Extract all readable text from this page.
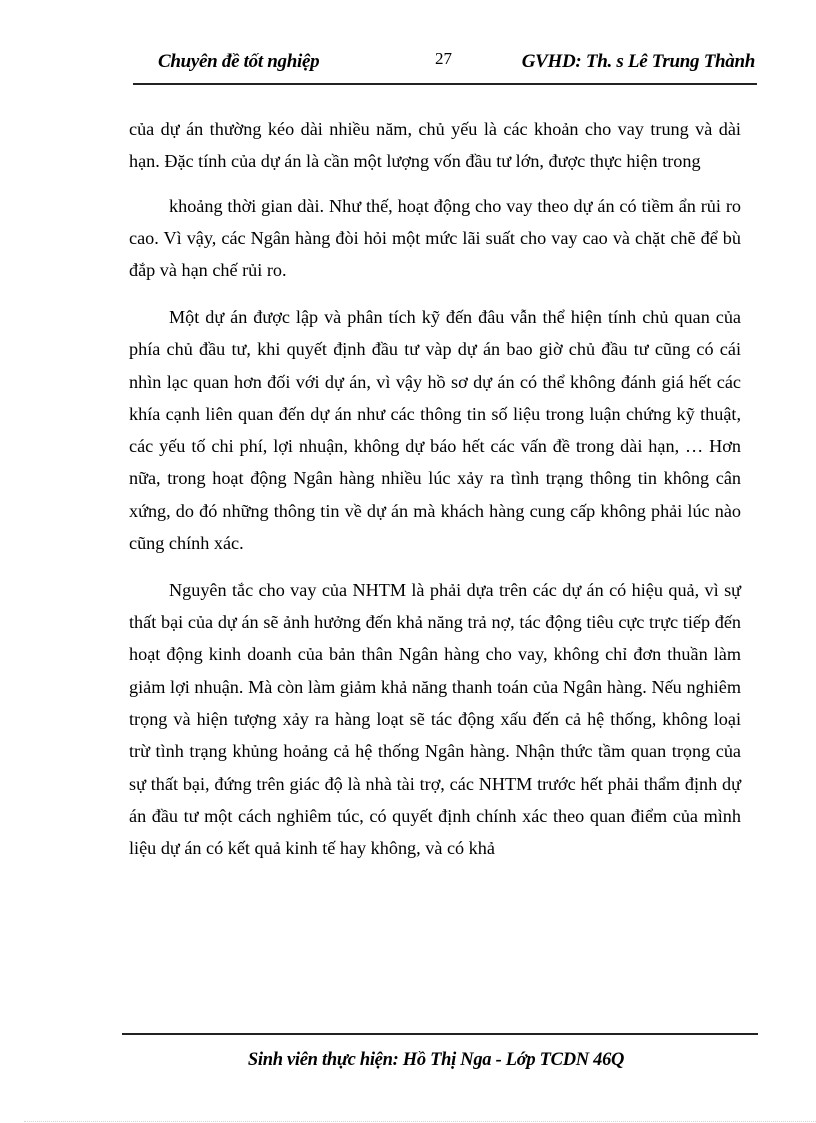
Chuyên đề tốt nghiệp	27	GVHD: Th. s Lê Trung Thành

của dự án thường kéo dài nhiều năm, chủ yếu là các khoản cho vay trung và dài hạn. Đặc tính của dự án là cần một lượng vốn đầu tư lớn, được thực hiện trong

khoảng thời gian dài. Như thế, hoạt động cho vay theo dự án có tiềm ẩn rủi ro cao. Vì vậy, các Ngân hàng đòi hỏi một mức lãi suất cho vay cao và chặt chẽ để bù đắp và hạn chế rủi ro.

Một dự án được lập và phân tích kỹ đến đâu vẫn thể hiện tính chủ quan của phía chủ đầu tư, khi quyết định đầu tư vàp dự án bao giờ chủ đầu tư cũng có cái nhìn lạc quan hơn đối với dự án, vì vậy hồ sơ dự án có thể không đánh giá hết các khía cạnh liên quan đến dự án như các thông tin số liệu trong luận chứng kỹ thuật, các yếu tố chi phí, lợi nhuận, không dự báo hết các vấn đề trong dài hạn, … Hơn nữa, trong hoạt động Ngân hàng nhiều lúc xảy ra tình trạng thông tin không cân xứng, do đó những thông tin về dự án mà khách hàng cung cấp không phải lúc nào cũng chính xác.

Nguyên tắc cho vay của NHTM là phải dựa trên các dự án có hiệu quả, vì sự thất bại của dự án sẽ ảnh hưởng đến khả năng trả nợ, tác động tiêu cực trực tiếp đến hoạt động kinh doanh của bản thân Ngân hàng cho vay, không chỉ đơn thuần làm giảm lợi nhuận. Mà còn làm giảm khả năng thanh toán của Ngân hàng. Nếu nghiêm trọng và hiện tượng xảy ra hàng loạt sẽ tác động xấu đến cả hệ thống, không loại trừ tình trạng khủng hoảng cả hệ thống Ngân hàng. Nhận thức tầm quan trọng của sự thất bại, đứng trên giác độ là nhà tài trợ, các NHTM trước hết phải thẩm định dự án đầu tư một cách nghiêm túc, có quyết định chính xác theo quan điểm của mình liệu dự án có kết quả kinh tế hay không, và có khả

Sinh viên thực hiện: Hồ Thị Nga - Lớp TCDN 46Q
